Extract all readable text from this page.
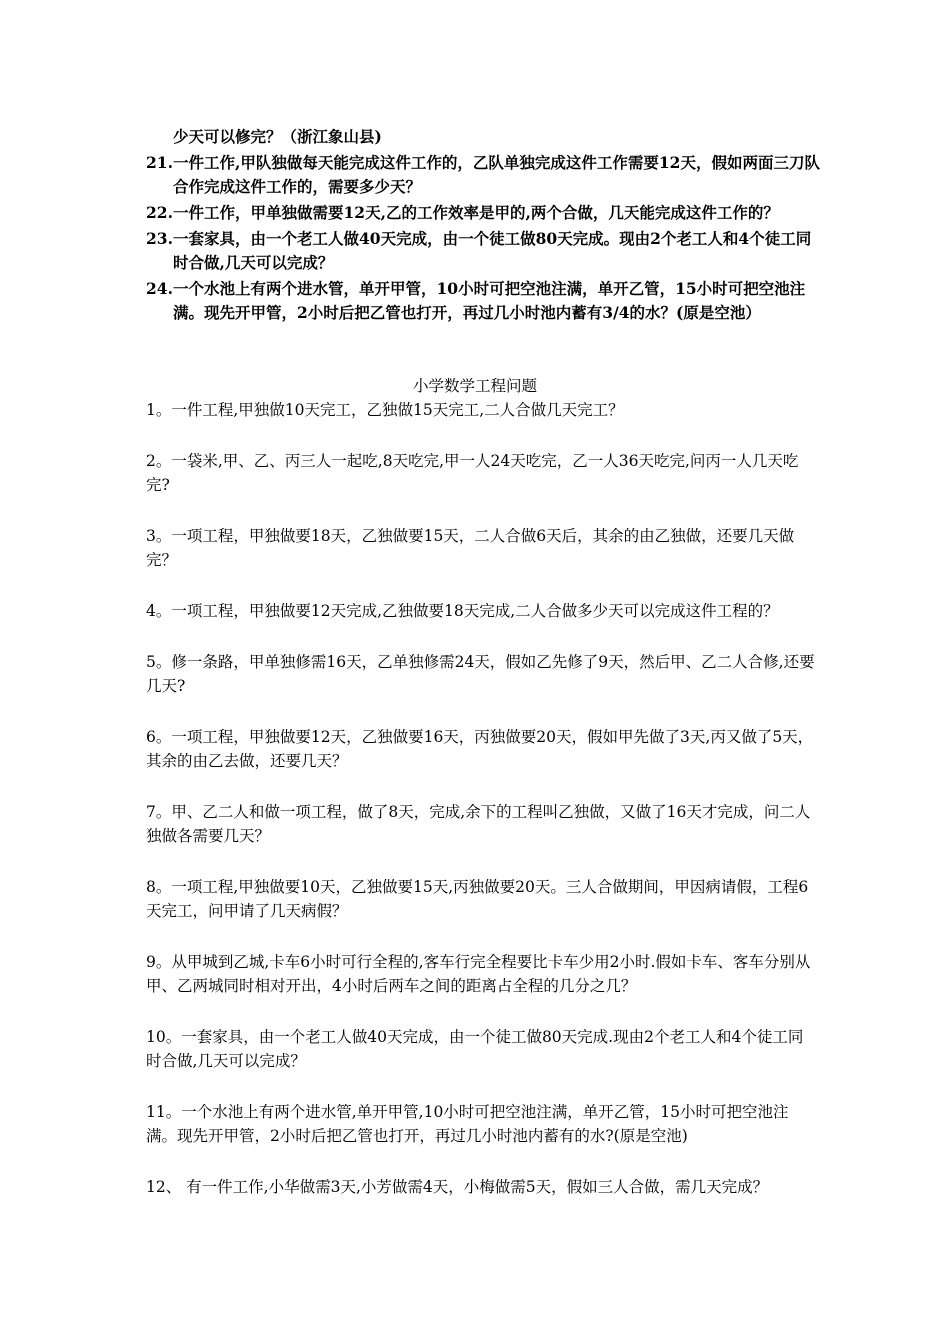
少天可以修完？（浙江象山县)
21. 一件工作,甲队独做每天能完成这件工作的，乙队单独完成这件工作需要12天，假如两面三刀队合作完成这件工作的，需要多少天？
22. 一件工作，甲单独做需要12天,乙的工作效率是甲的,两个合做，几天能完成这件工作的？
23. 一套家具，由一个老工人做40天完成，由一个徒工做80天完成。现由2个老工人和4个徒工同时合做,几天可以完成？
24. 一个水池上有两个进水管，单开甲管，10小时可把空池注满，单开乙管，15小时可把空池注满。现先开甲管，2小时后把乙管也打开，再过几小时池内蓄有3/4的水？(原是空池）
小学数学工程问题

1。一件工程,甲独做10天完工，乙独做15天完工,二人合做几天完工？

2。一袋米,甲、乙、丙三人一起吃,8天吃完,甲一人24天吃完，乙一人36天吃完,问丙一人几天吃完?

3。一项工程，甲独做要18天，乙独做要15天，二人合做6天后，其余的由乙独做，还要几天做完？

4。一项工程，甲独做要12天完成,乙独做要18天完成,二人合做多少天可以完成这件工程的？

5。修一条路，甲单独修需16天，乙单独修需24天，假如乙先修了9天，然后甲、乙二人合修,还要几天?

6。一项工程，甲独做要12天，乙独做要16天，丙独做要20天，假如甲先做了3天,丙又做了5天，其余的由乙去做，还要几天？

7。甲、乙二人和做一项工程，做了8天，完成,余下的工程叫乙独做，又做了16天才完成，问二人独做各需要几天？

8。一项工程,甲独做要10天，乙独做要15天,丙独做要20天。三人合做期间，甲因病请假，工程6天完工，问甲请了几天病假？

9。从甲城到乙城,卡车6小时可行全程的,客车行完全程要比卡车少用2小时.假如卡车、客车分别从甲、乙两城同时相对开出，4小时后两车之间的距离占全程的几分之几？

10。一套家具，由一个老工人做40天完成，由一个徒工做80天完成.现由2个老工人和4个徒工同时合做,几天可以完成？

11。一个水池上有两个进水管,单开甲管,10小时可把空池注满，单开乙管，15小时可把空池注满。现先开甲管，2小时后把乙管也打开，再过几小时池内蓄有的水?(原是空池)

12、 有一件工作,小华做需3天,小芳做需4天，小梅做需5天，假如三人合做，需几天完成？
